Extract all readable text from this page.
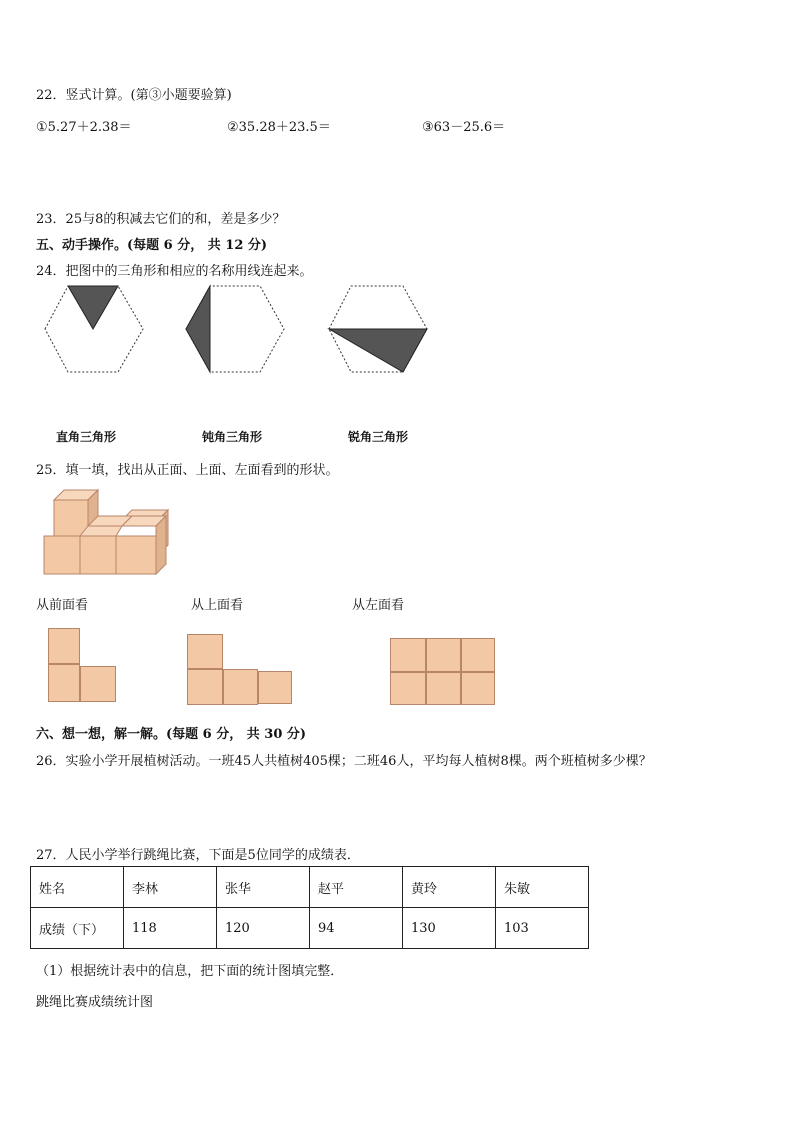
22．竖式计算。(第③小题要验算)
①5.27＋2.38＝	②35.28＋23.5＝	③63－25.6＝
23．25与8的积减去它们的和，差是多少？
五、动手操作。(每题 6 分， 共 12 分)
24．把图中的三角形和相应的名称用线连起来。
直角三角形	钝角三角形	锐角三角形
25．填一填，找出从正面、上面、左面看到的形状。
从前面看	从上面看	从左面看
六、想一想，解一解。(每题 6 分， 共 30 分)
26．实验小学开展植树活动。一班45人共植树405棵；二班46人，平均每人植树8棵。两个班植树多少棵？
27．人民小学举行跳绳比赛，下面是5位同学的成绩表．
姓名	李林	张华	赵平	黄玲	朱敏
成绩（下）	118	120	94	130	103
（1）根据统计表中的信息，把下面的统计图填完整．
跳绳比赛成绩统计图
